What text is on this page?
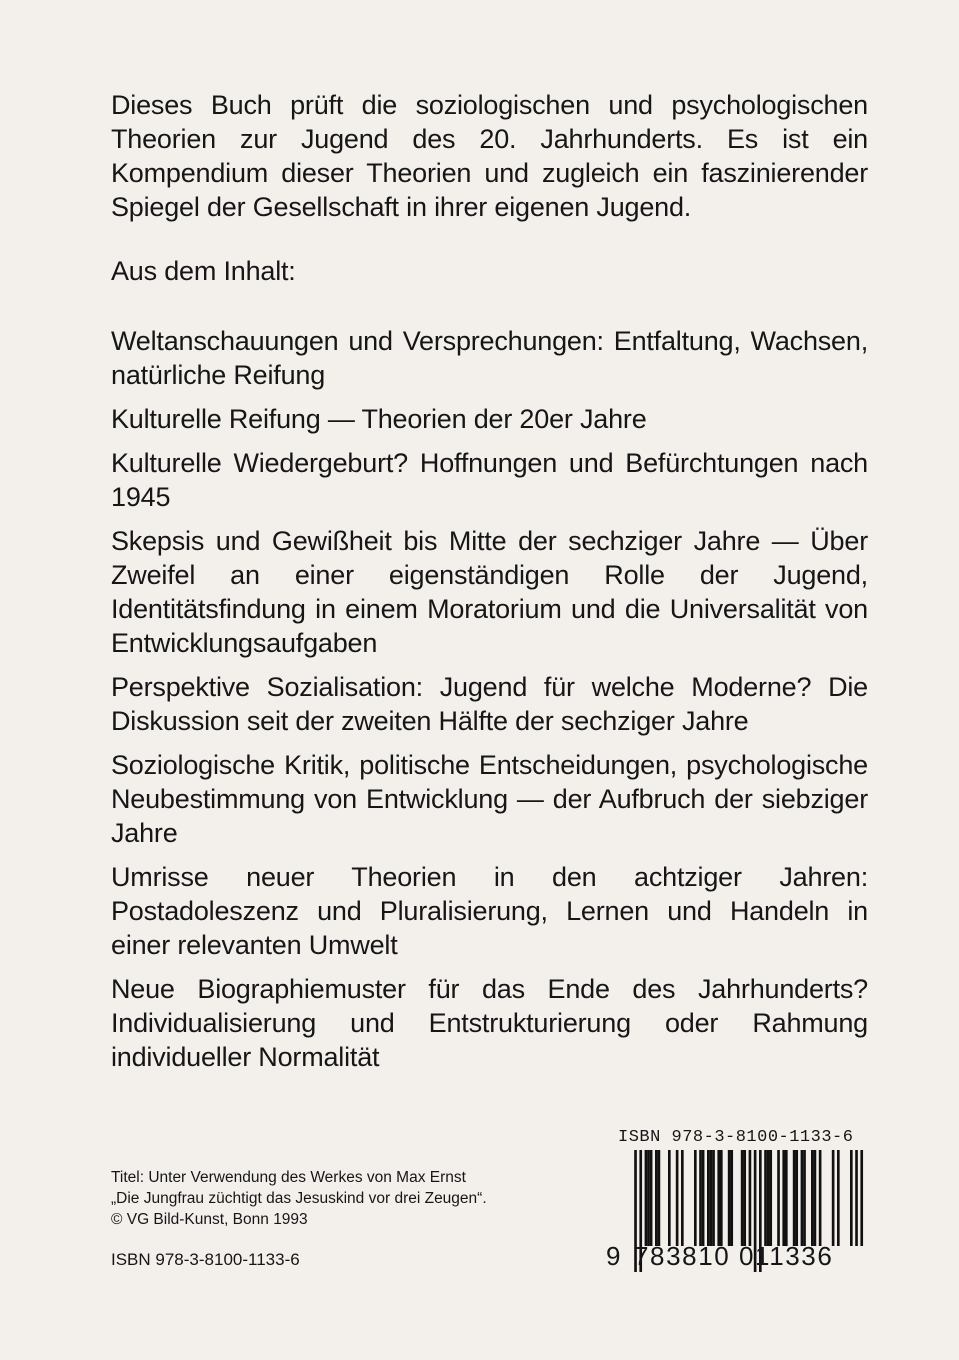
Dieses Buch prüft die soziologischen und psychologischen Theorien zur Jugend des 20. Jahrhunderts. Es ist ein Kompendium dieser Theorien und zugleich ein faszinierender Spiegel der Gesellschaft in ihrer eigenen Jugend.

Aus dem Inhalt:

Weltanschauungen und Versprechungen: Entfaltung, Wachsen, natürliche Reifung

Kulturelle Reifung — Theorien der 20er Jahre

Kulturelle Wiedergeburt? Hoffnungen und Befürchtungen nach 1945

Skepsis und Gewißheit bis Mitte der sechziger Jahre — Über Zweifel an einer eigenständigen Rolle der Jugend, Identitätsfindung in einem Moratorium und die Universalität von Entwicklungsaufgaben

Perspektive Sozialisation: Jugend für welche Moderne? Die Diskussion seit der zweiten Hälfte der sechziger Jahre

Soziologische Kritik, politische Entscheidungen, psychologische Neubestimmung von Entwicklung — der Aufbruch der siebziger Jahre

Umrisse neuer Theorien in den achtziger Jahren: Postadoleszenz und Pluralisierung, Lernen und Handeln in einer relevanten Umwelt

Neue Biographiemuster für das Ende des Jahrhunderts? Individualisierung und Entstrukturierung oder Rahmung individueller Normalität

Titel: Unter Verwendung des Werkes von Max Ernst
„Die Jungfrau züchtigt das Jesuskind vor drei Zeugen“.
© VG Bild-Kunst, Bonn 1993
ISBN 978-3-8100-1133-6
ISBN 978-3-8100-1133-6
9 783810 011336
